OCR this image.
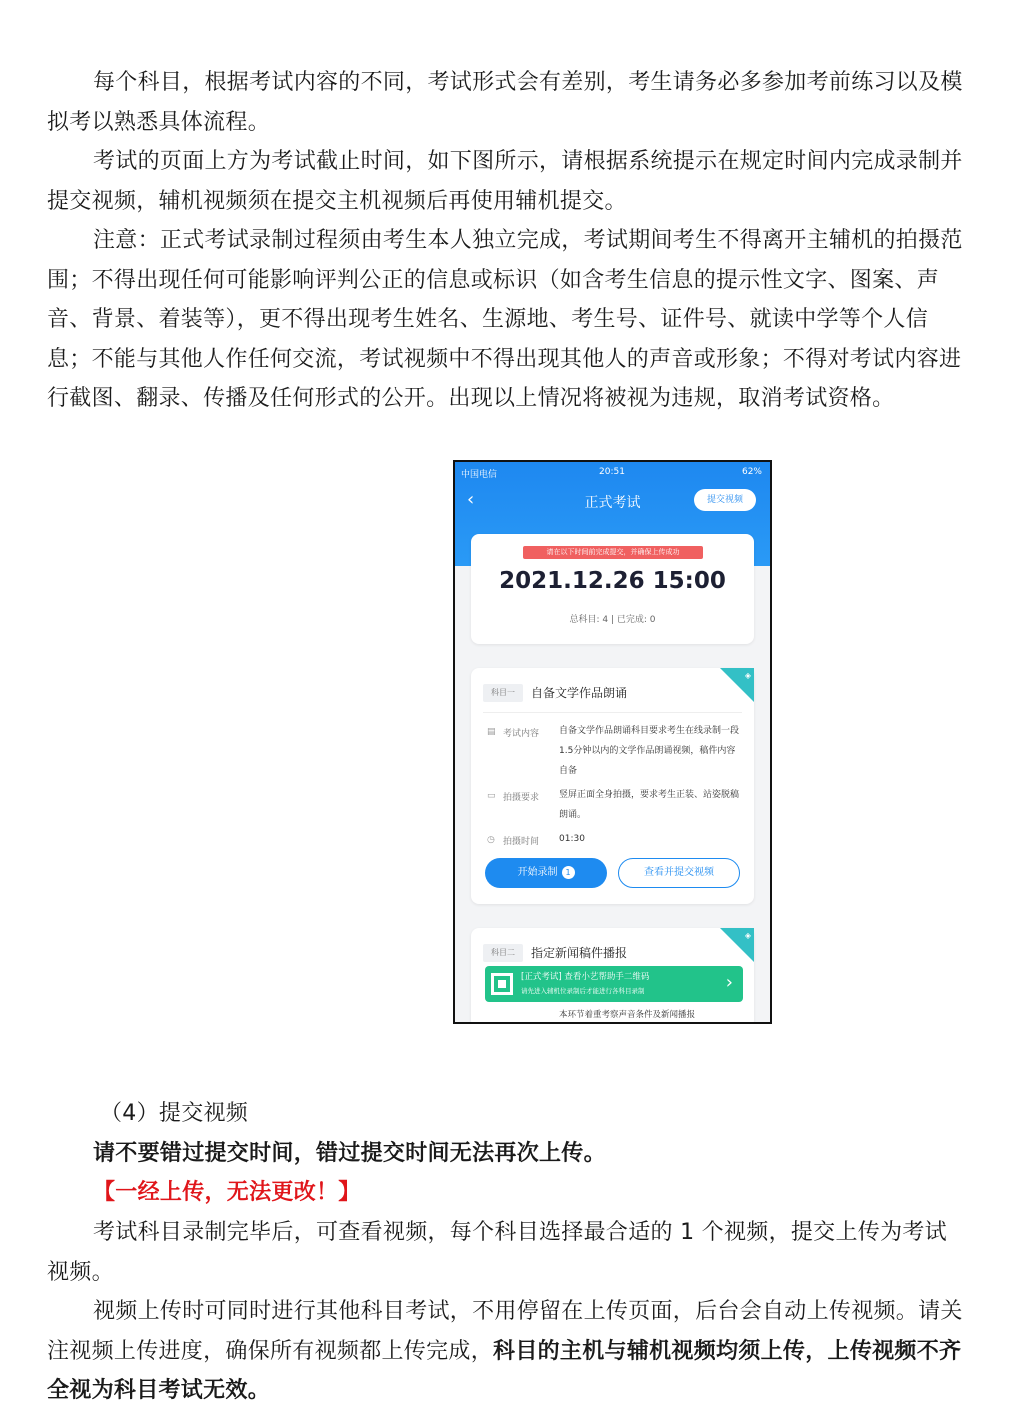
每个科目，根据考试内容的不同，考试形式会有差别，考生请务必多参加考前练习以及模拟考以熟悉具体流程。

考试的页面上方为考试截止时间，如下图所示，请根据系统提示在规定时间内完成录制并提交视频，辅机视频须在提交主机视频后再使用辅机提交。

注意：正式考试录制过程须由考生本人独立完成，考试期间考生不得离开主辅机的拍摄范围；不得出现任何可能影响评判公正的信息或标识（如含考生信息的提示性文字、图案、声音、背景、着装等），更不得出现考生姓名、生源地、考生号、证件号、就读中学等个人信息；不能与其他人作任何交流，考试视频中不得出现其他人的声音或形象；不得对考试内容进行截图、翻录、传播及任何形式的公开。出现以上情况将被视为违规，取消考试资格。

中国电信	20:51	62%
‹	正式考试	提交视频
请在以下时间前完成提交，并确保上传成功
2021.12.26 15:00
总科目: 4 | 已完成: 0
◈
科目一	自备文学作品朗诵
▤ 考试内容 自备文学作品朗诵科目要求考生在线录制一段1.5分钟以内的文学作品朗诵视频，稿件内容自备
▭ 拍摄要求 竖屏正面全身拍摄，要求考生正装、站姿脱稿朗诵。
◷ 拍摄时间 01:30
开始录制 1	查看并提交视频
◈
科目二	指定新闻稿件播报
[正式考试] 查看小艺帮助手二维码
请先进入辅机位录制后才能进行各科目录制	›
本环节着重考察声音条件及新闻播报

（4）提交视频

请不要错过提交时间，错过提交时间无法再次上传。

【一经上传，无法更改！】

考试科目录制完毕后，可查看视频，每个科目选择最合适的 1 个视频，提交上传为考试视频。

视频上传时可同时进行其他科目考试，不用停留在上传页面，后台会自动上传视频。请关注视频上传进度，确保所有视频都上传完成，科目的主机与辅机视频均须上传，上传视频不齐全视为科目考试无效。
